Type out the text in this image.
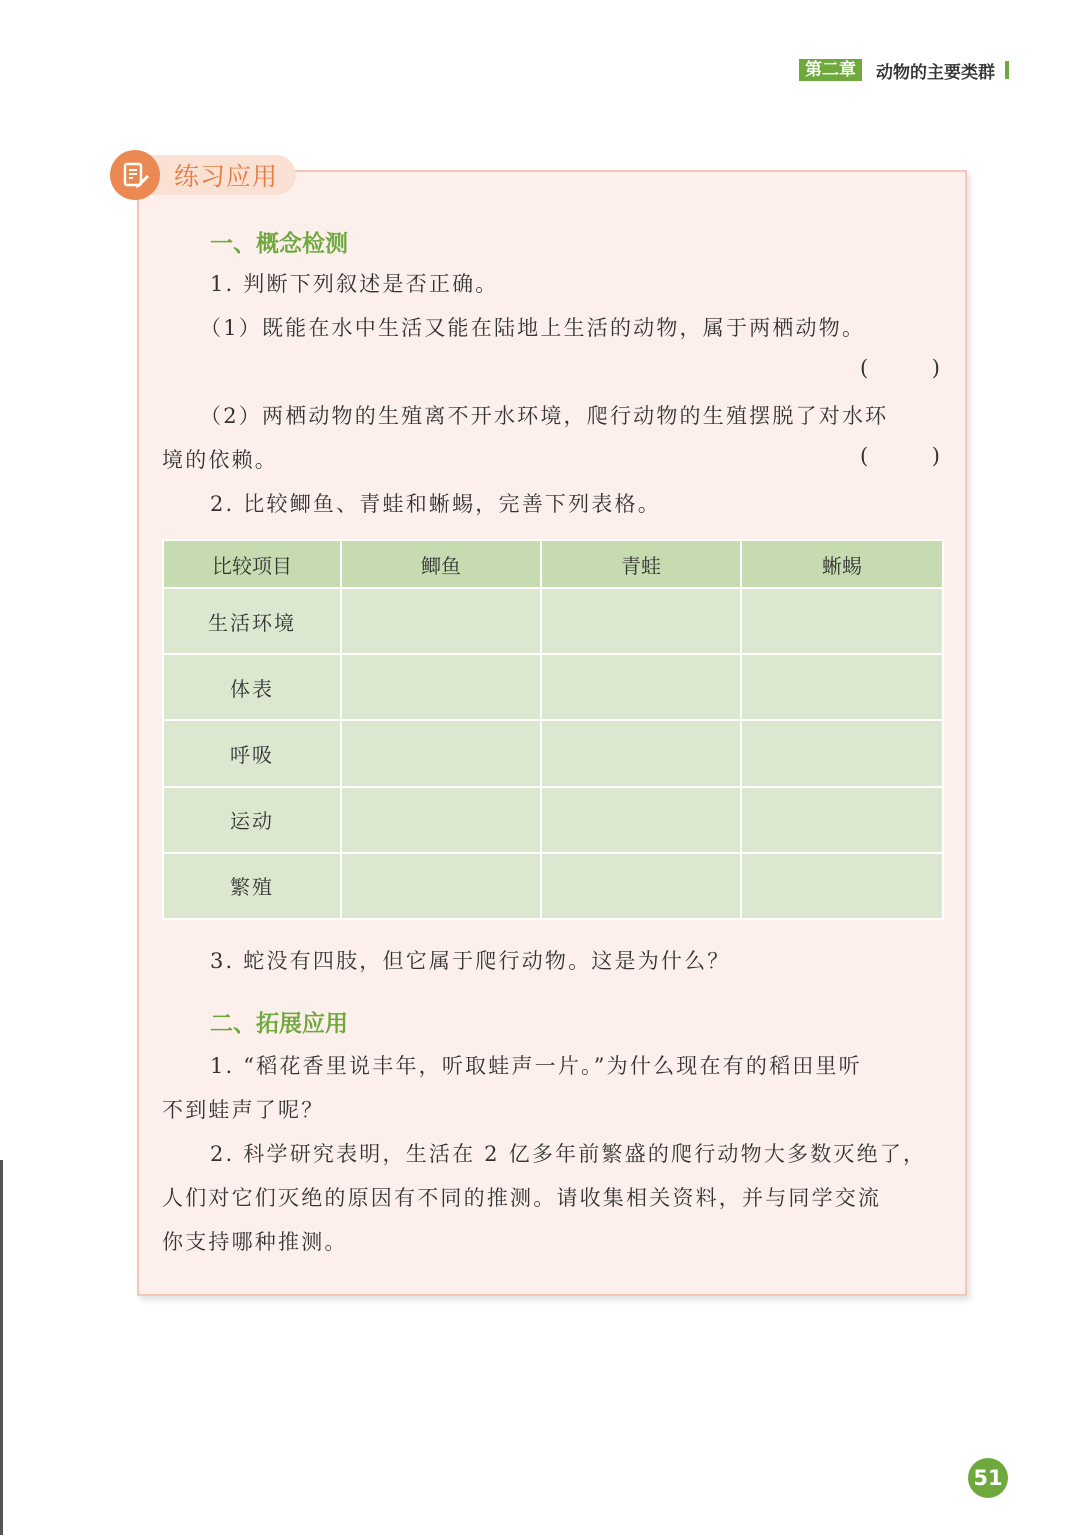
第二章	动物的主要类群
练习应用
一、概念检测
1. 判断下列叙述是否正确。
（1）既能在水中生活又能在陆地上生活的动物，属于两栖动物。
(	)
（2）两栖动物的生殖离不开水环境，爬行动物的生殖摆脱了对水环
境的依赖。	(	)
2. 比较鲫鱼、青蛙和蜥蜴，完善下列表格。
比较项目	鲫鱼	青蛙	蜥蜴
生活环境			
体表			
呼吸			
运动			
繁殖			
3. 蛇没有四肢，但它属于爬行动物。这是为什么？
二、拓展应用
1. “稻花香里说丰年，听取蛙声一片。”为什么现在有的稻田里听
不到蛙声了呢？
2. 科学研究表明，生活在 2 亿多年前繁盛的爬行动物大多数灭绝了，
人们对它们灭绝的原因有不同的推测。请收集相关资料，并与同学交流
你支持哪种推测。
51
